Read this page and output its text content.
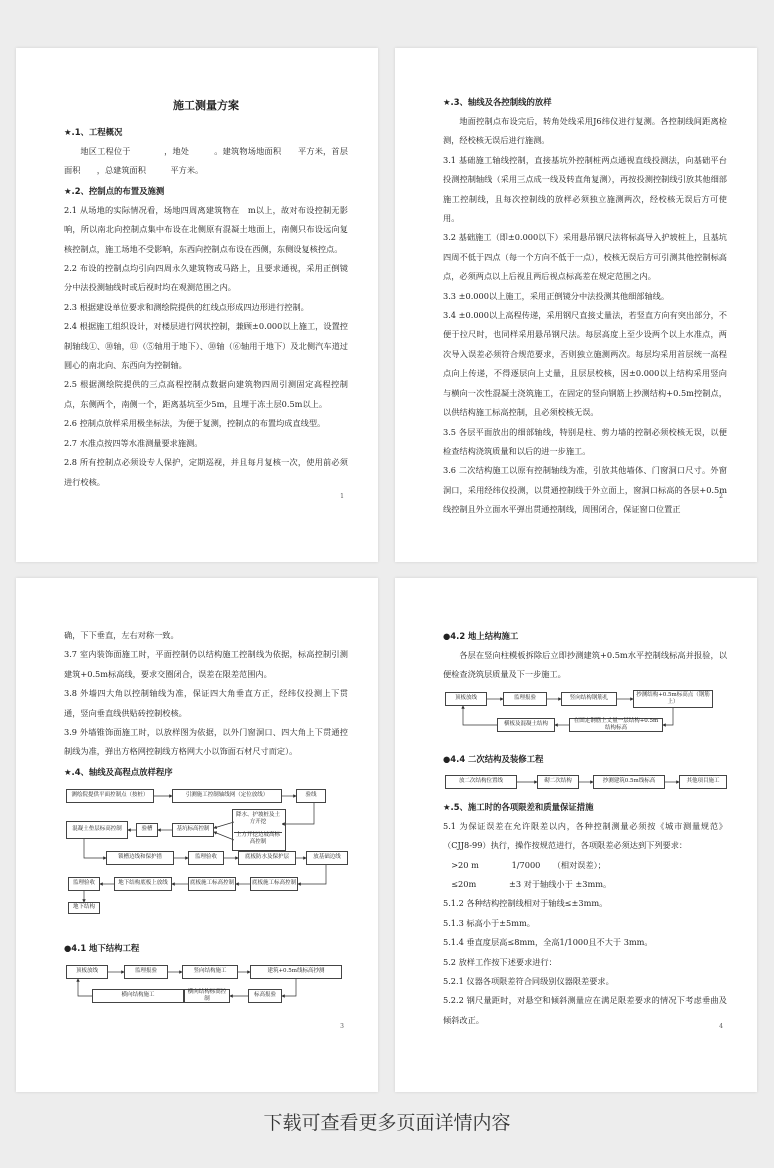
施工测量方案
★.1、工程概况
地区工程位于　　　　，地处　　　。建筑物场地面积　　平方米，首层面积　　，总建筑面积　　　平方米。
★.2、控制点的布置及施测
2.1 从场地的实际情况看，场地四周离建筑物在　m以上，故对布设控制无影响，所以南北向控制点集中布设在北侧原有混凝土地面上，南侧只布设远向复核控制点，施工场地不受影响，东西向控制点布设在西侧，东侧设复核控点。
2.2 布设的控制点均引向四周永久建筑物或马路上，且要求通视，采用正倒镜分中法投测轴线时或后视时均在观测范围之内。
2.3 根据建设单位要求和测绘院提供的红线点形成四边形进行控制。
2.4 根据施工组织设计，对楼层进行网状控制，兼顾±0.000以上施工，设置控制轴线①、⑩轴，⑪（⑤轴用于地下）、⑩轴（⑥轴用于地下）及北侧汽车道过圆心的南北向、东西向为控制轴。
2.5 根据测绘院提供的三点高程控制点数据向建筑物四周引测固定高程控制点，东侧两个，南侧一个，距离基坑至少5m，且埋于冻土层0.5m以上。
2.6 控制点放样采用极坐标法，为便于复测，控制点的布置均成直线型。
2.7 水准点按四等水准测量要求施测。
2.8 所有控制点必须设专人保护，定期巡视，并且每月复核一次，使用前必须进行校核。
1
★.3、轴线及各控制线的放样
地面控制点布设完后，转角处线采用J6纬仪进行复测。各控制线间距离检测，经校核无误后进行施测。
3.1 基础施工轴线控制，直接基坑外控制桩两点通视直线投测法，向基础平台投测控制轴线（采用三点成一线及转直角复测），再按投测控制线引放其他细部施工控制线，且每次控制线的放样必须独立施测两次，经校核无误后方可使用。
3.2 基础施工（即±0.000以下）采用悬吊钢尺法将标高导入护坡桩上，且基坑四周不低于四点（每一个方向不低于一点），校核无误后方可引测其他控制标高点，必须两点以上后视且两后视点标高差在规定范围之内。
3.3 ±0.000以上施工，采用正倒镜分中法投测其他细部轴线。
3.4 ±0.000以上高程传递，采用钢尺直接丈量法，若竖直方向有突出部分，不便于拉尺时，也同样采用悬吊钢尺法。每层高度上至少设两个以上水准点，两次导入误差必须符合规范要求，否则独立施测两次。每层均采用首层统一高程点向上传递，不得逐层向上丈量，且层层校核，因±0.000以上结构采用竖向与横向一次性混凝土浇筑施工，在固定的竖向钢筋上抄测结构+0.5m控制点，以供结构施工标高控制，且必须校核无误。
3.5 各层平面放出的细部轴线，特别是柱、剪力墙的控制必须校核无误，以便检查结构浇筑质量和以后的进一步施工。
3.6 二次结构施工以原有控制轴线为准，引放其他墙体、门窗洞口尺寸。外窗洞口，采用经纬仪投测，以贯通控制线于外立面上，窗洞口标高的各层+0.5m线控制且外立面水平弹出贯通控制线，周围闭合，保证窗口位置正
2
确，下下垂直，左右对称一致。
3.7 室内装饰面施工时，平面控制仍以结构施工控制线为依据，标高控制引测建筑+0.5m标高线，要求交圈闭合，误差在限差范围内。
3.8 外墙四大角以控制轴线为准，保证四大角垂直方正，经纬仪投测上下贯通，竖向垂直线供贴砖控制校核。
3.9 外墙锥饰面施工时，以放样图为依据，以外门窗洞口、四大角上下贯通控制线为准，弹出方格网控制线方格网大小以饰面石材尺寸而定）。
★.4、轴线及高程点放样程序
测绘院提供平面控制点（按桩）	引测施工控制轴线网（定位放线）	验线
降水、护坡桩及土方开挖
上方开挖边坡高标高控制
基坑标高控制
验槽
混凝土垫层标高控制
锁槽边线和保护措	监理验收	底板防水及保护层	放基础边线
底板施工标高控制
底板施工标高控制
地下结构底板上放线
监理验收
地下结构
●4.1 地下结构工程
顶板放线	监理报验	竖向结构施工	建筑+0.5m线标高抄测
标高报验
横向结构标高控制
横向结构施工
3
●4.2 地上结构施工
各层在竖向柱模板拆除后立即抄测建筑+0.5m水平控制线标高并报验，以便检查浇筑层质量及下一步施工。
顶板放线	监理报验	竖向结构钢筋扎
抄测结构+0.5m标高点（钢筋上）
在固定钢筋上丈量一层结构+0.5m结构标高
横板及混凝土结构
●4.4 二次结构及装修工程
放二次结构位置线	砌二次结构	抄测建筑0.5m线标高	其他项目施工
★.5、施工时的各项限差和质量保证措施
5.1 为保证误差在允许限差以内，各种控制测量必须按《城市测量规范》（CJJ8-99）执行，操作按规范进行，各项限差必须达到下列要求：
　>20 m　　　　1/7000　　（相对误差）；
　≤20m　　　　±3 对于轴线小于 ±3mm。
5.1.2 各种结构控制线相对于轴线≤±3mm。
5.1.3 标高小于±5mm。
5.1.4 垂直度层高≤8mm，全高1/1000且不大于 3mm。
5.2 放样工作按下述要求进行：
5.2.1 仪器各项限差符合同级别仪器限差要求。
5.2.2 钢尺量距时，对悬空和倾斜测量应在满足限差要求的情况下考虑垂曲及倾斜改正。
4
下载可查看更多页面详情内容
